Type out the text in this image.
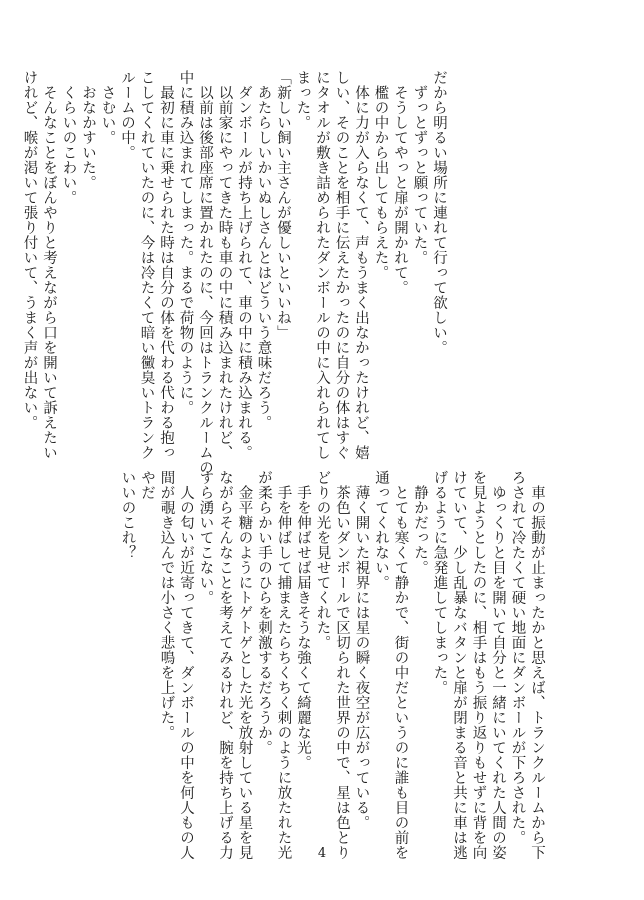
だから明るい場所に連れて行って欲しい。
ずっとずっと願っていた。
そうしてやっと扉が開かれて。
檻の中から出してもらえた。
体に力が入らなくて、声もうまく出なかったけれど、嬉
しい、そのことを相手に伝えたかったのに自分の体はすぐ
にタオルが敷き詰められたダンボールの中に入れられてし
まった。
「新しい飼い主さんが優しいといいね」
あたらしいかいぬしさんとはどういう意味だろう。
ダンボールが持ち上げられて、車の中に積み込まれる。
以前家にやってきた時も車の中に積み込まれたけれど、
以前は後部座席に置かれたのに、今回はトランクルームの
中に積み込まれてしまった。まるで荷物のように。
最初に車に乗せられた時は自分の体を代わる代わる抱っ
こしてくれていたのに、今は冷たくて暗い黴臭いトランク
ルームの中。
さむい。
おなかすいた。
くらいのこわい。
そんなことをぼんやりと考えながら口を開いて訴えたい
けれど、喉が渇いて張り付いて、うまく声が出ない。
車の振動が止まったかと思えば、トランクルームから下
ろされて冷たくて硬い地面にダンボールが下ろされた。
ゆっくりと目を開いて自分と一緒にいてくれた人間の姿
を見ようとしたのに、相手はもう振り返りもせずに背を向
けていて、少し乱暴なバタンと扉が閉まる音と共に車は逃
げるように急発進してしまった。
静かだった。
とても寒くて静かで、街の中だというのに誰も目の前を
通ってくれない。
薄く開いた視界には星の瞬く夜空が広がっている。
茶色いダンボールで区切られた世界の中で、星は色とり
どりの光を見せてくれた。
手を伸ばせば届きそうな強くて綺麗な光。
手を伸ばして捕まえたらちくちく刺のように放たれた光
が柔らかい手のひらを刺激するだろうか。
金平糖のようにトゲトゲとした光を放射している星を見
ながらそんなことを考えてみるけれど、腕を持ち上げる力
すら湧いてこない。
人の匂いが近寄ってきて、ダンボールの中を何人もの人
間が覗き込んでは小さく悲鳴を上げた。
やだ
いいのこれ？
4
